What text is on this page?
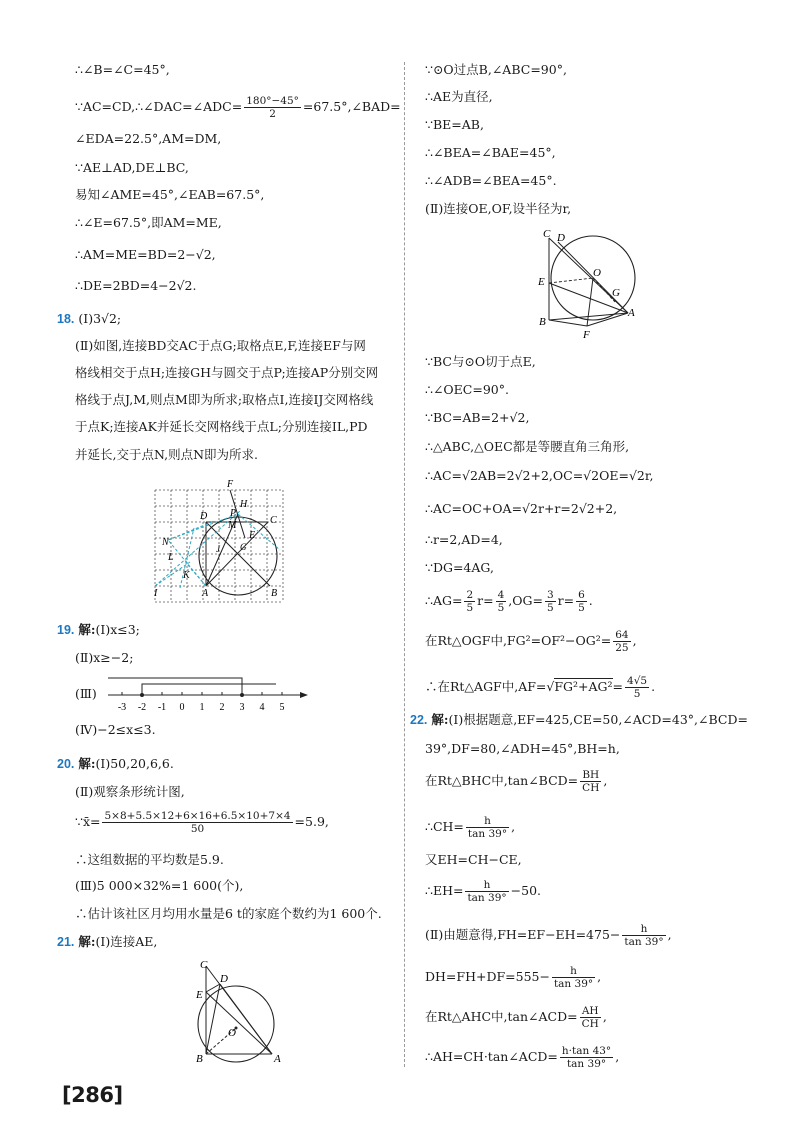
∴∠B=∠C=45°,
∵AC=CD,∴∠DAC=∠ADC= $\frac{180^\circ-45^\circ}{2}$ =67.5°,∠BAD=
∠EDA=22.5°,AM=DM,
∵AE⊥AD,DE⊥BC,
易知∠AME=45°,∠EAB=67.5°,
∴∠E=67.5°,即AM=ME,
∴AM=ME=BD=2−√2,
∴DE=2BD=4−2√2.
18. (Ⅰ)3√2;
(Ⅱ)如图,连接BD交AC于点G;取格点E,F,连接EF与网
格线相交于点H;连接GH与圆交于点P;连接AP分别交网
格线于点J,M,则点M即为所求;取格点I,连接IJ交网格线
于点K;连接AK并延长交网格线于点L;分别连接IL,PD
并延长,交于点N,则点N即为所求.
F
H
D P
C
M
E
N
L
K
I	A	B
J G
19. 解:(Ⅰ)x≤3;
(Ⅱ)x≥−2;
(Ⅲ)
-3 -2 -1 0 1 2 3 4 5
(Ⅳ)−2≤x≤3.
20. 解:(Ⅰ)50,20,6,6.
(Ⅱ)观察条形统计图,
∵x̄= $\frac{5\times 8+5.5\times 12+6\times 16+6.5\times 10+7\times 4}{50} =5.9$,
∴这组数据的平均数是5.9.
(Ⅲ)5 000×32%=1 600(个),
∴估计该社区月均用水量是6 t的家庭个数约为1 600个.
21. 解:(Ⅰ)连接AE,
C
D
E
O
B	A
∵⊙O过点B,∠ABC=90°,
∴AE为直径,
∵BE=AB,
∴∠BEA=∠BAE=45°,
∴∠ADB=∠BEA=45°.
(Ⅱ)连接OE,OF,设半径为r,
C D
E
O
G
B
F
A
∵BC与⊙O切于点E,
∴∠OEC=90°.
∵BC=AB=2+√2,
∴△ABC,△OEC都是等腰直角三角形,
∴AC=√2AB=2√2+2,OC=√2OE=√2r,
∴AC=OC+OA=√2r+r=2√2+2,
∴r=2,AD=4,
∵DG=4AG,
∴AG= $\frac{2}{5} r= \frac{4}{5} ,OG= \frac{3}{5} r= \frac{6}{5}$ .
在Rt△OGF中$,FG^2=OF^2-OG^2= \frac{64}{25}$ ,
∴在Rt△AGF中$,AF=√FG^2+AG^2= \frac{4√5}{5}$ .
22. 解:(Ⅰ)根据题意,EF=425,CE=50,∠ACD=43°,∠BCD=
39°,DF=80,∠ADH=45°,BH=h,
在Rt△BHC中,tan∠BCD= $\frac{BH}{CH}$ ,
∴CH= $\frac{h}{\tan 39^\circ}$ ,
又EH=CH−CE,
∴EH= $\frac{h}{\tan 39^\circ} -50$.
(Ⅱ)由题意得$,FH=EF-EH=475- \frac{h}{\tan 39^\circ}$ ,
$DH=FH+DF=555- \frac{h}{\tan 39^\circ}$ ,
在Rt△AHC中,tan∠ACD= $\frac{AH}{CH}$ ,
∴AH=CH·tan∠ACD= $\frac{h\cdot\tan 43^\circ}{\tan 39^\circ}$ ,
[ 286 ]
